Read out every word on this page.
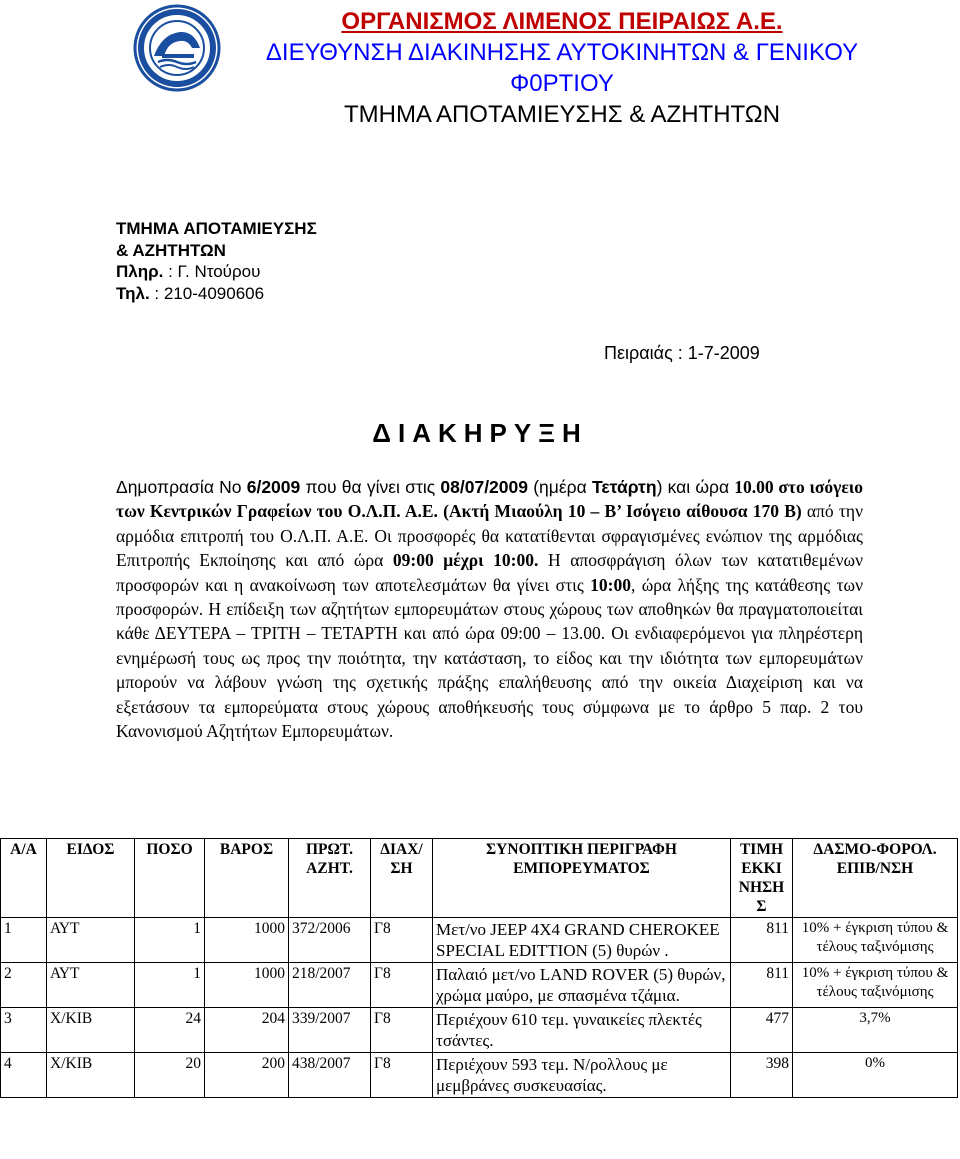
ΟΡΓΑΝΙΣΜΟΣ ΛΙΜΕΝΟΣ ΠΕΙΡΑΙΩΣ Α.Ε.
ΔΙΕΥΘΥΝΣΗ ΔΙΑΚΙΝΗΣΗΣ ΑΥΤΟΚΙΝΗΤΩΝ & ΓΕΝΙΚΟΥ
Φ0ΡΤΙΟΥ
ΤΜΗΜΑ ΑΠΟΤΑΜΙΕΥΣΗΣ & ΑΖΗΤΗΤΩΝ
ΤΜΗΜΑ ΑΠΟΤΑΜΙΕΥΣΗΣ
& ΑΖΗΤΗΤΩΝ
Πληρ. : Γ. Ντούρου
Τηλ. : 210-4090606
Πειραιάς : 1-7-2009
ΔΙΑΚΗΡΥΞΗ
Δημοπρασία Νο 6/2009 που θα γίνει στις 08/07/2009 (ημέρα Τετάρτη) και ώρα 10.00 στο ισόγειο των Κεντρικών Γραφείων του Ο.Λ.Π. Α.Ε. (Ακτή Μιαούλη 10 – Β’ Ισόγειο αίθουσα 170 Β) από την αρμόδια επιτροπή του Ο.Λ.Π. Α.Ε. Οι προσφορές θα κατατίθενται σφραγισμένες ενώπιον της αρμόδιας Επιτροπής Εκποίησης και από ώρα 09:00 μέχρι 10:00. Η αποσφράγιση όλων των κατατιθεμένων προσφορών και η ανακοίνωση των αποτελεσμάτων θα γίνει στις 10:00, ώρα λήξης της κατάθεσης των προσφορών. Η επίδειξη των αζητήτων εμπορευμάτων στους χώρους των αποθηκών θα πραγματοποιείται κάθε ΔΕΥΤΕΡΑ – ΤΡΙΤΗ – ΤΕΤΑΡΤΗ και από ώρα 09:00 – 13.00. Οι ενδιαφερόμενοι για πληρέστερη ενημέρωσή τους ως προς την ποιότητα, την κατάσταση, το είδος και την ιδιότητα των εμπορευμάτων μπορούν να λάβουν γνώση της σχετικής πράξης επαλήθευσης από την οικεία Διαχείριση και να εξετάσουν τα εμπορεύματα στους χώρους αποθήκευσής τους σύμφωνα με το άρθρο 5 παρ. 2 του Κανονισμού Αζητήτων Εμπορευμάτων.
Α/Α	ΕΙΔΟΣ	ΠΟΣΟ	ΒΑΡΟΣ	ΠΡΩΤ. ΑΖΗΤ.	ΔΙΑΧ/ ΣΗ	ΣΥΝΟΠΤΙΚΗ ΠΕΡΙΓΡΑΦΗ ΕΜΠΟΡΕΥΜΑΤΟΣ	ΤΙΜΗ ΕΚΚΙ ΝΗΣΗ Σ	ΔΑΣΜΟ-ΦΟΡΟΛ. ΕΠΙΒ/ΝΣΗ
1	ΑΥΤ	1	1000	372/2006	Γ8	Μετ/νο JEEP 4X4 GRAND CHEROKEE SPECIAL EDITTION (5) θυρών .	811	10% + έγκριση τύπου & τέλους ταξινόμισης
2	ΑΥΤ	1	1000	218/2007	Γ8	Παλαιό μετ/νο LAND ROVER (5) θυρών, χρώμα μαύρο, με σπασμένα τζάμια.	811	10% + έγκριση τύπου & τέλους ταξινόμισης
3	Χ/ΚΙΒ	24	204	339/2007	Γ8	Περιέχουν 610 τεμ. γυναικείες πλεκτές τσάντες.	477	3,7%
4	Χ/ΚΙΒ	20	200	438/2007	Γ8	Περιέχουν 593 τεμ. Ν/ρολλους με μεμβράνες συσκευασίας.	398	0%
